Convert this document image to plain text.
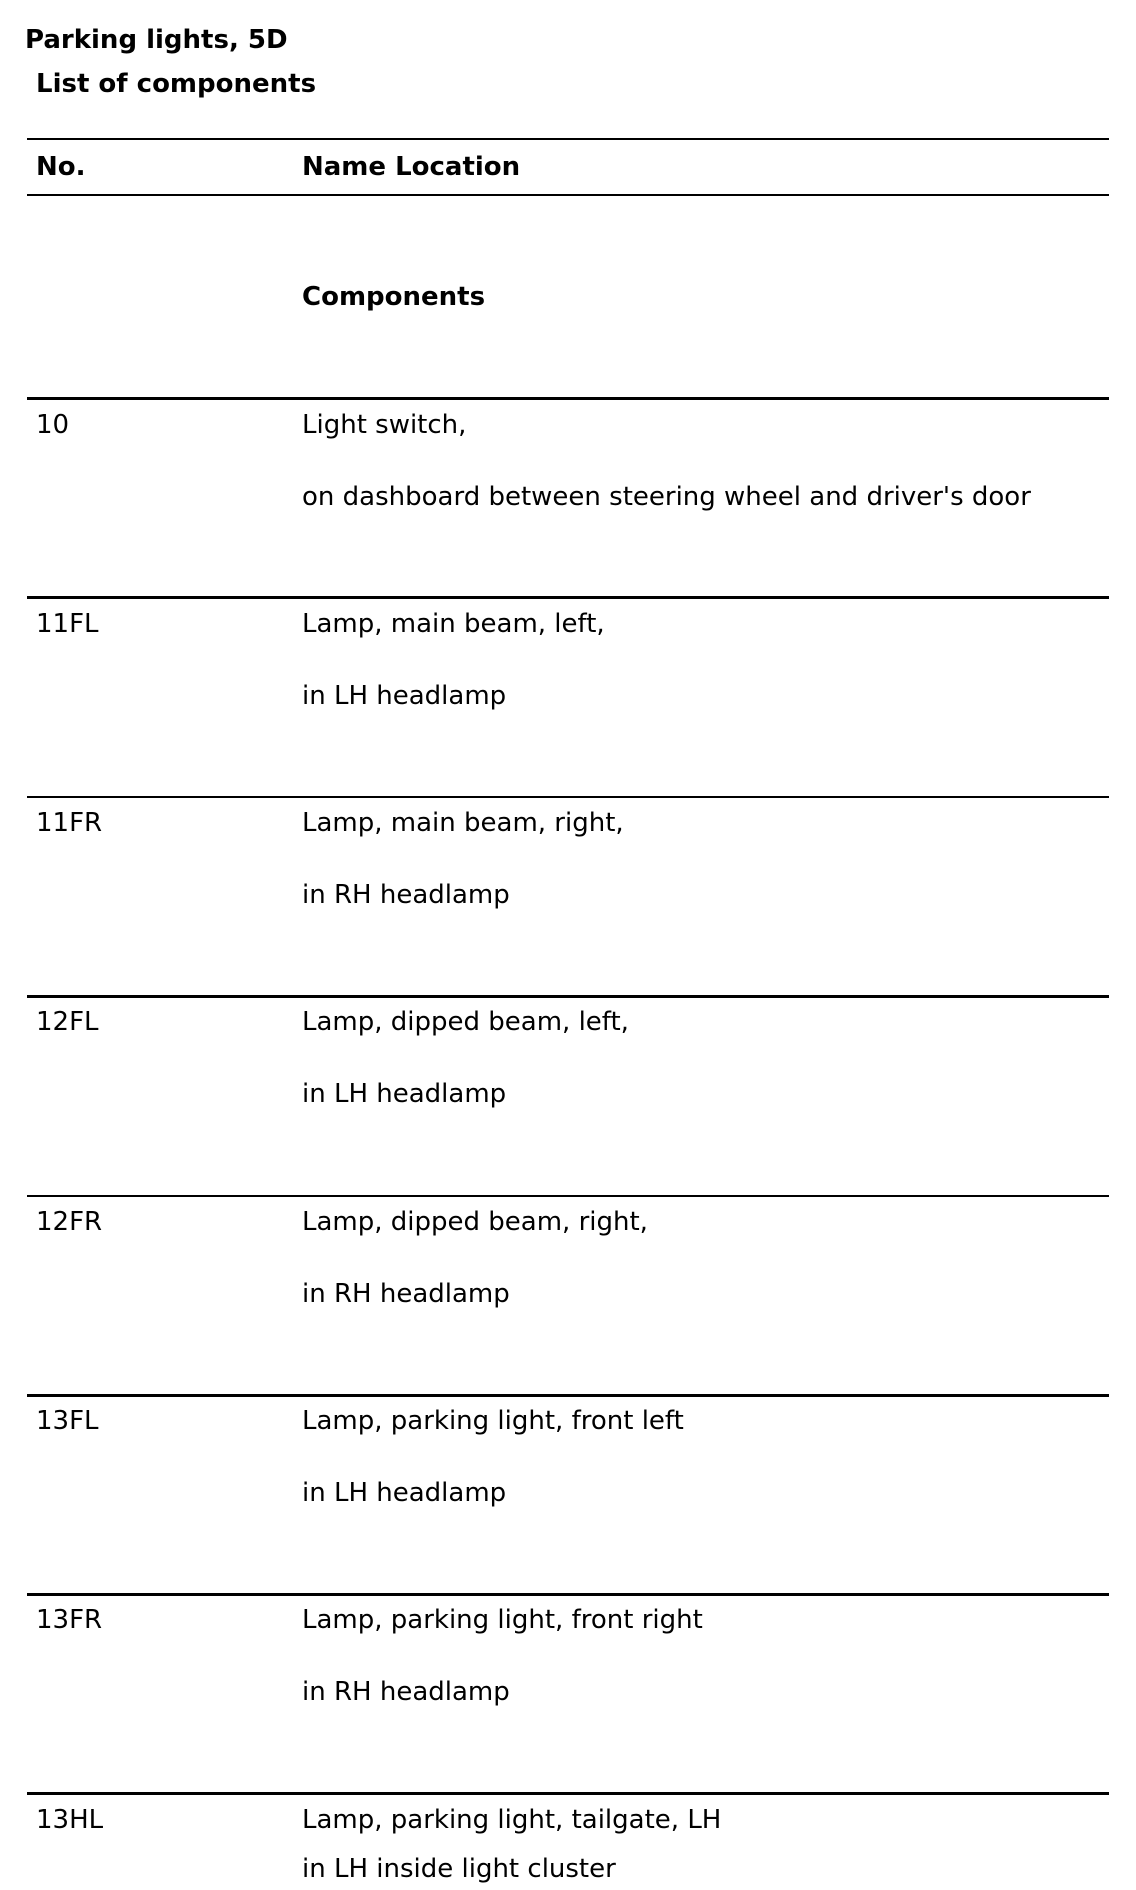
Parking lights, 5D
List of components
No.	Name Location
Components
10	Light switch,
on dashboard between steering wheel and driver's door
11FL	Lamp, main beam, left,
in LH headlamp
11FR	Lamp, main beam, right,
in RH headlamp
12FL	Lamp, dipped beam, left,
in LH headlamp
12FR	Lamp, dipped beam, right,
in RH headlamp
13FL	Lamp, parking light, front left
in LH headlamp
13FR	Lamp, parking light, front right
in RH headlamp
13HL	Lamp, parking light, tailgate, LH
in LH inside light cluster
